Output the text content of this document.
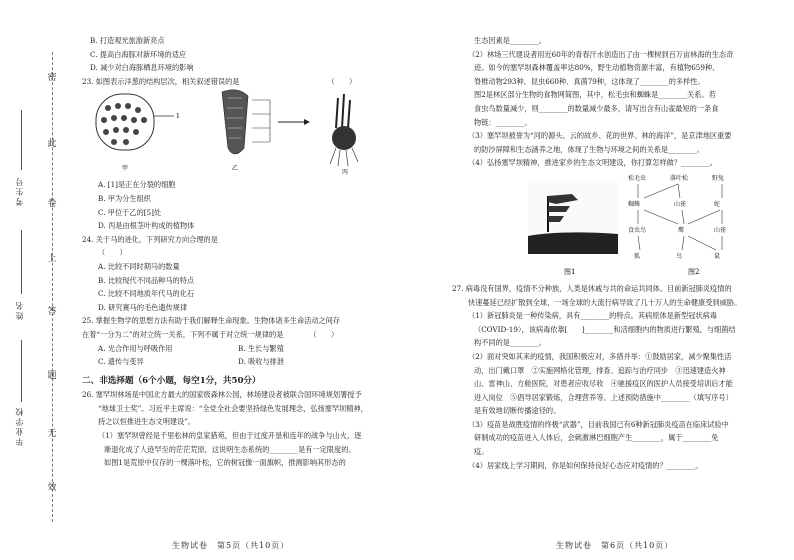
密
此
卷
上
答
题
无
效
考生号
姓名
毕业学校

B. 打造观光旅游新亮点

C. 提高白海豚对新环境的适应

D. 减少对白海豚栖息环境的影响

23. 如图表示洋葱的结构层次，相关叙述错误的是	（　　）

1
甲	乙
丙

A. [1]是正在分裂的细胞

B. 甲为分生组织

C. 甲位于乙的[5]处

D. 丙是由根茎叶构成的植物体

24. 关于马的进化，下列研究方向合理的是

（　　）

A. 比较不同时期马的数量

B. 比较现代不同品种马的特点

C. 比较不同地质年代马的化石

D. 研究赛马的毛色遗传规律

25. 掌握生物学的思想方法有助于我们解释生命现象。生物体诸多生命活动之间存

在着“一分为二”的对立统一关系，下列不属于对立统一规律的是	（　　）

A. 光合作用与呼吸作用	B. 生长与繁殖

C. 遗传与变异	D. 吸收与排泄

二、非选择题（6个小题，每空1分，共50分）

26. 塞罕坝林场是中国北方最大的国家级森林公园，林场建设者被联合国环境规划署授予

“地球卫士奖”。习近平主席说：“全党全社会要坚持绿色发展理念，弘扬塞罕坝精神，

持之以恒推进生态文明建设”。

（1）塞罕坝曾经是千里松林的皇家猎苑，但由于过度开垦和连年的战争与山火，逐

渐退化成了人迹罕至的茫茫荒原，这说明生态系统的________是有一定限度的。

如图1是荒原中仅存的一棵落叶松，它的树冠像一面旗帜，推测影响其形态的

生物试卷　第5页（共10页）

生态因素是________。

（2）林场三代建设者用近60年的青春汗水创造出了由一棵树到百万亩林海的生态奇

迹。如今的塞罕坝森林覆盖率达80%，野生动植物资源丰富，有植物659种、

脊椎动物293种、昆虫660种、真菌79种，这体现了________的多样性。

图2是林区部分生物的食物网简图，其中，松毛虫和蜘蛛是________关系。若

食虫鸟数量减少，则________的数量减少最多，请写出含有山雀最短的一条食

物链：________。

（3）塞罕坝被誉为“河的源头、云的故乡、花的世界、林的海洋”，是京津地区重要

的防沙屏障和生态涵养之地，体现了生物与环境之间的关系是________。

（4）弘扬塞罕坝精神，推进家乡的生态文明建设，你打算怎样做？________。

图1
松毛虫	落叶松	野兔
蜘蛛	山雀	蛇
食虫鸟	鹰	山雀
狐	鸟	鼠
图2

27. 病毒没有国界，疫情不分种族，人类是休戚与共的命运共同体。目前新冠肺炎疫情的

快速蔓延已经扩散到全球，一场全球的大流行病导致了几十万人的生命健康受到威胁。

（1）新冠肺炎是一种传染病，具有________的特点。其病原体是新型冠状病毒

（COVID-19），该病毒依靠[　　]________和活细胞内的物质进行繁殖，与细菌结

构不同的是________。

（2）面对突如其来的疫情，我国积极应对，多措并举：①鼓励居家，减少聚集性活

动，出门戴口罩　②实施网格化管理，排查、追踪与治疗同步　③迅速建造火神

山、雷神山、方舱医院，对患者应收尽收　④驰援疫区的医护人员接受培训后才能

进入岗位　⑤倡导居家锻炼，合理营养等。上述预防措施中________（填写序号）

是有效地切断传播途径的。

（3）疫苗是战胜疫情的终极“武器”，目前我国已有6种新冠肺炎疫苗在临床试验中

研制成功的疫苗进入人体后，会刺激淋巴细胞产生________，属于________免

疫。

（4）居家线上学习期间，你是如何保持良好心态应对疫情的？________。

生物试卷　第6页（共10页）
